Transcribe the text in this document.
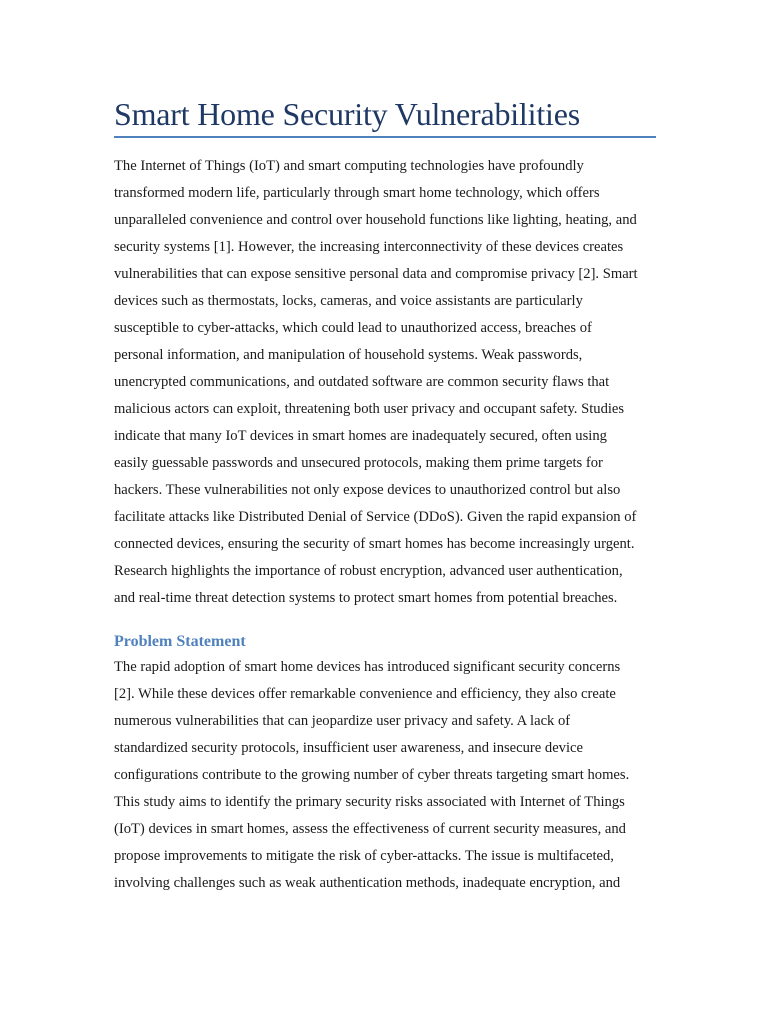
Smart Home Security Vulnerabilities

The Internet of Things (IoT) and smart computing technologies have profoundly
transformed modern life, particularly through smart home technology, which offers
unparalleled convenience and control over household functions like lighting, heating, and
security systems [1]. However, the increasing interconnectivity of these devices creates
vulnerabilities that can expose sensitive personal data and compromise privacy [2]. Smart
devices such as thermostats, locks, cameras, and voice assistants are particularly
susceptible to cyber-attacks, which could lead to unauthorized access, breaches of
personal information, and manipulation of household systems. Weak passwords,
unencrypted communications, and outdated software are common security flaws that
malicious actors can exploit, threatening both user privacy and occupant safety. Studies
indicate that many IoT devices in smart homes are inadequately secured, often using
easily guessable passwords and unsecured protocols, making them prime targets for
hackers. These vulnerabilities not only expose devices to unauthorized control but also
facilitate attacks like Distributed Denial of Service (DDoS). Given the rapid expansion of
connected devices, ensuring the security of smart homes has become increasingly urgent.
Research highlights the importance of robust encryption, advanced user authentication,
and real-time threat detection systems to protect smart homes from potential breaches.

Problem Statement

The rapid adoption of smart home devices has introduced significant security concerns
[2]. While these devices offer remarkable convenience and efficiency, they also create
numerous vulnerabilities that can jeopardize user privacy and safety. A lack of
standardized security protocols, insufficient user awareness, and insecure device
configurations contribute to the growing number of cyber threats targeting smart homes.
This study aims to identify the primary security risks associated with Internet of Things
(IoT) devices in smart homes, assess the effectiveness of current security measures, and
propose improvements to mitigate the risk of cyber-attacks. The issue is multifaceted,
involving challenges such as weak authentication methods, inadequate encryption, and
